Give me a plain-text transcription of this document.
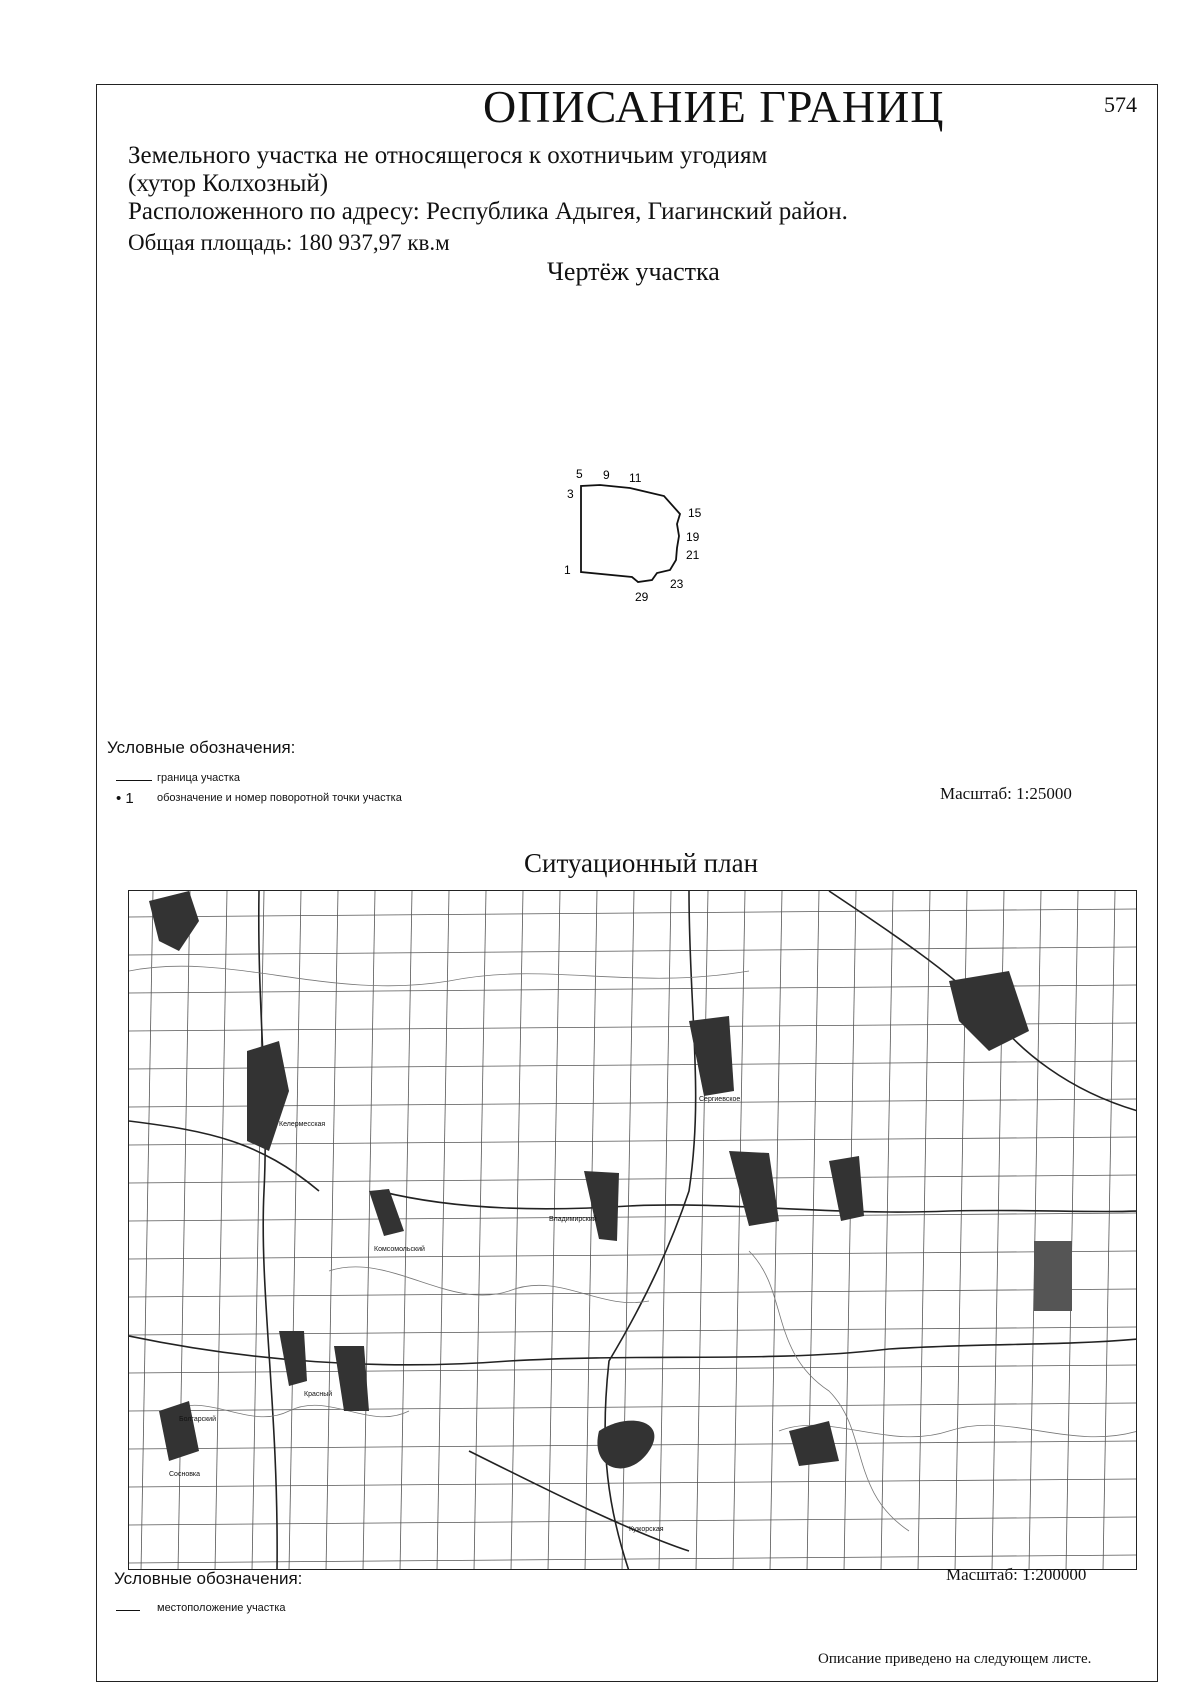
ОПИСАНИЕ ГРАНИЦ	574
Земельного участка не относящегося к охотничьим угодиям
(хутор Колхозный)
Расположенного по адресу: Республика Адыгея, Гиагинский район.
Общая площадь: 180 937,97 кв.м
Чертёж участка
5 9 11
3
15
19
21
1
23
29
Условные обозначения:
граница участка
• 1 обозначение и номер поворотной точки участка	Масштаб: 1:25000
Ситуационный план
Келермесская
Сергиевское
Кужорская
Владимирский
Комсомольский
Красный
Сосновка
Болгарский
Условные обозначения:	Масштаб: 1:200000
местоположение участка
Описание приведено на следующем листе.
